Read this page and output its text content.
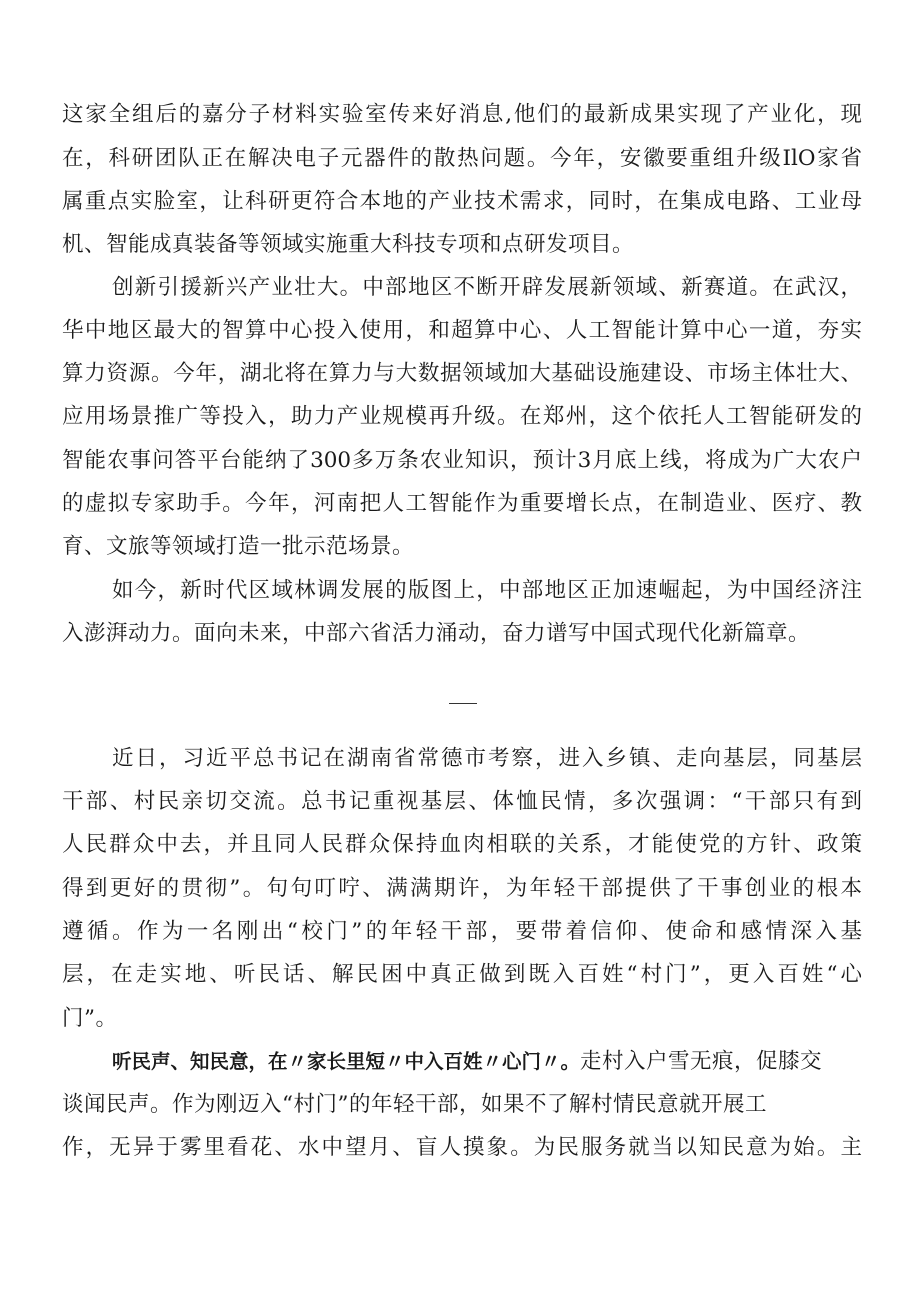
这家全组后的嘉分子材料实验室传来好消息,他们的最新成果实现了产业化，现
在，科研团队正在解决电子元器件的散热问题。今年，安徽要重组升级IlO家省
属重点实脸室，让科研更符合本地的产业技术需求，同时，在集成电路、工业母
机、智能成真装备等领域实施重大科技专项和点研发项目。
创新引援新兴产业壮大。中部地区不断开辟发展新领域、新赛道。在武汉，
华中地区最大的智算中心投入使用，和超算中心、人工智能计算中心一道，夯实
算力资源。今年，湖北将在算力与大数据领域加大基础设施建设、市场主体壮大、
应用场景推广等投入，助力产业规模再升级。在郑州，这个依托人工智能研发的
智能农事问答平台能纳了300多万条农业知识，预计3月底上线，将成为广大农户
的虚拟专家助手。今年，河南把人工智能作为重要增长点，在制造业、医疗、教
育、文旅等领域打造一批示范场景。
如今，新时代区域林调发展的版图上，中部地区正加速崛起，为中国经济注
入澎湃动力。面向未来，中部六省活力涌动，奋力谱写中国式现代化新篇章。
近日，习近平总书记在湖南省常德市考察，进入乡镇、走向基层，同基层
干部、村民亲切交流。总书记重视基层、体恤民情，多次强调：“干部只有到
人民群众中去，并且同人民群众保持血肉相联的关系，才能使党的方针、政策
得到更好的贯彻”。句句叮咛、满满期许，为年轻干部提供了干事创业的根本
遵循。作为一名刚出“校门”的年轻干部，要带着信仰、使命和感情深入基
层，在走实地、听民话、解民困中真正做到既入百姓“村门”，更入百姓“心
门”。
听民声、知民意，在〃家长里短〃中入百姓〃心门〃。走村入户雪无痕，促膝交
谈闻民声。作为刚迈入“村门”的年轻干部，如果不了解村情民意就开展工
作，无异于雾里看花、水中望月、盲人摸象。为民服务就当以知民意为始。主
